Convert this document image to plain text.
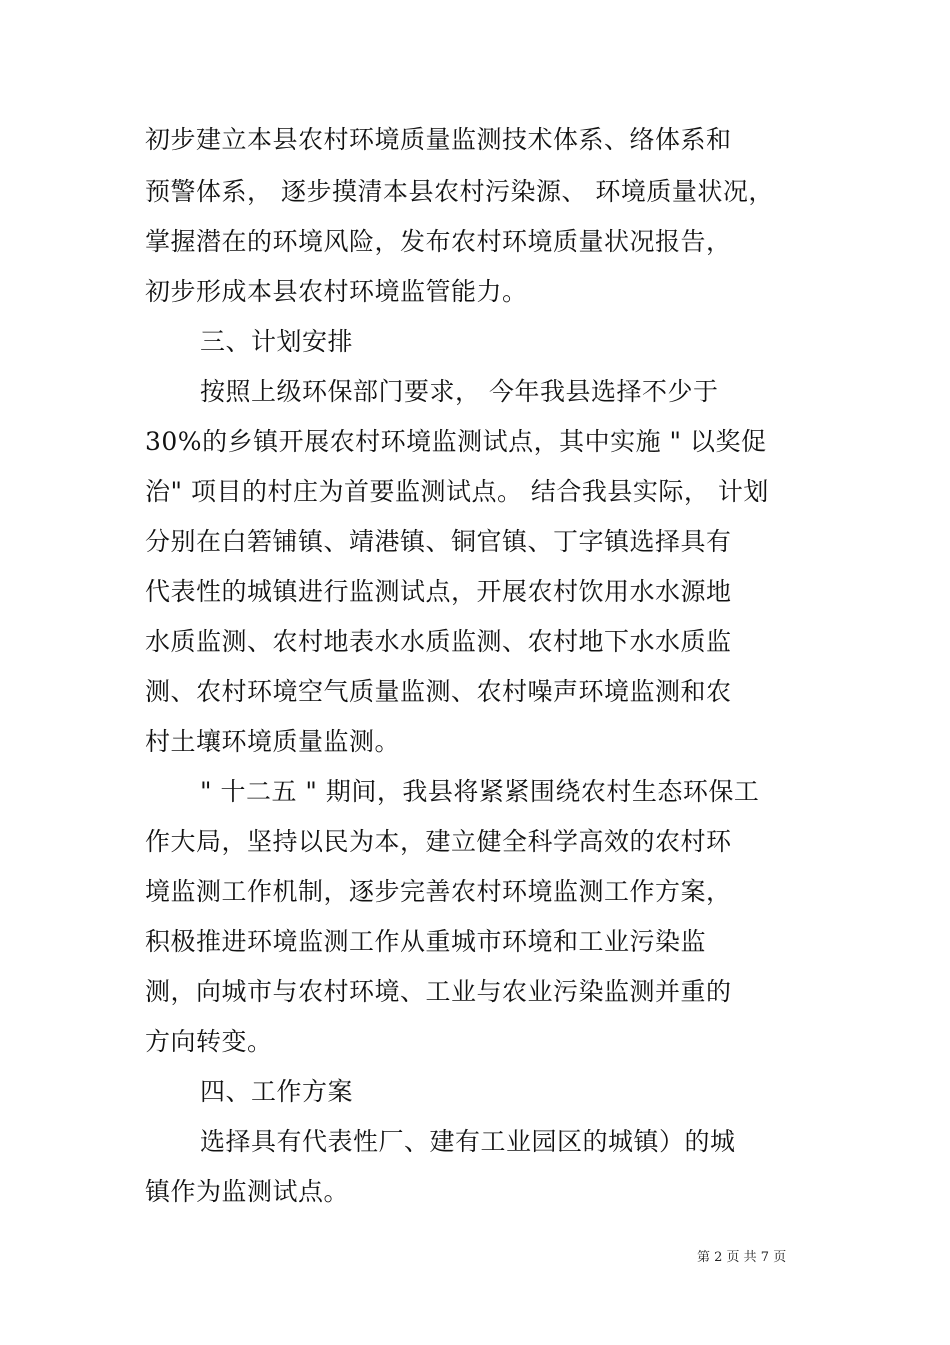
初步建立本县农村环境质量监测技术体系、络体系和
预警体系， 逐步摸清本县农村污染源、 环境质量状况，
掌握潜在的环境风险，发布农村环境质量状况报告，
初步形成本县农村环境监管能力。
三、计划安排
按照上级环保部门要求， 今年我县选择不少于
30%的乡镇开展农村环境监测试点，其中实施 " 以奖促
治" 项目的村庄为首要监测试点。 结合我县实际， 计划
分别在白箬铺镇、靖港镇、铜官镇、丁字镇选择具有
代表性的城镇进行监测试点，开展农村饮用水水源地
水质监测、农村地表水水质监测、农村地下水水质监
测、农村环境空气质量监测、农村噪声环境监测和农
村土壤环境质量监测。
" 十二五 " 期间，我县将紧紧围绕农村生态环保工
作大局，坚持以民为本，建立健全科学高效的农村环
境监测工作机制，逐步完善农村环境监测工作方案，
积极推进环境监测工作从重城市环境和工业污染监
测，向城市与农村环境、工业与农业污染监测并重的
方向转变。
四、工作方案
选择具有代表性厂、建有工业园区的城镇）的城
镇作为监测试点。
第 2 页 共 7 页
